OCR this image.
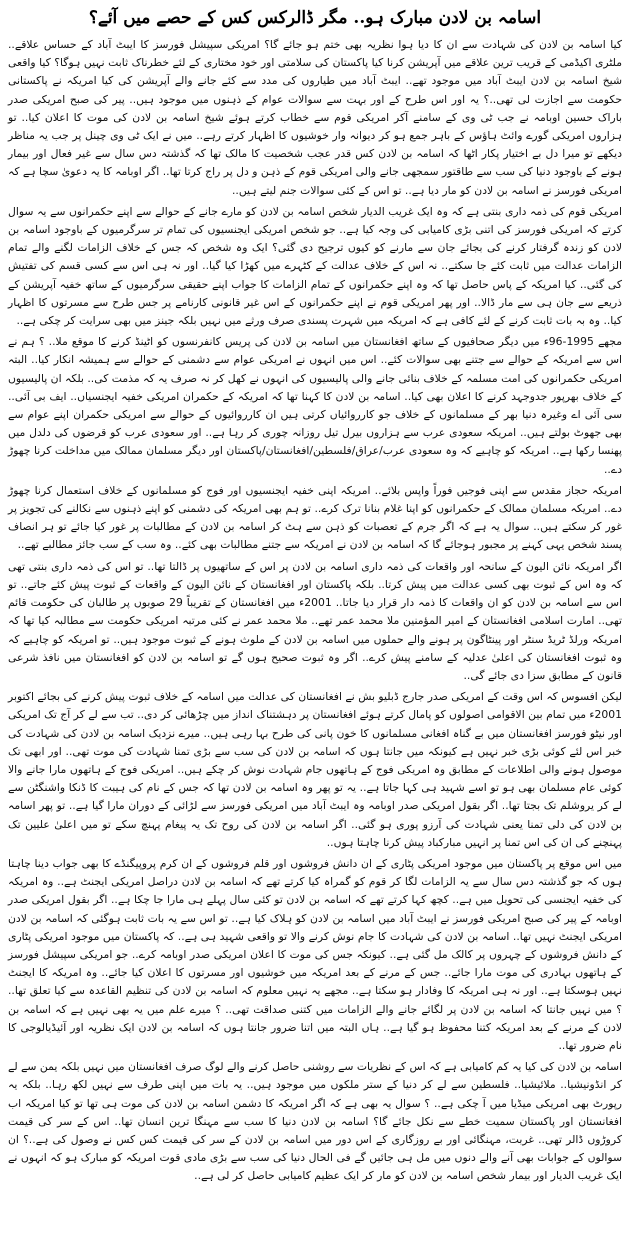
اسامہ بن لادن مبارک ہو.. مگر ڈالرکس کس کے حصے میں آئے؟

کیا اسامہ بن لادن کی شہادت سے ان کا دیا ہوا نظریہ بھی ختم ہو جائے گا؟ امریکی سپیشل فورسز کا ایبٹ آباد کے حساس علاقے.. ملٹری اکیڈمی کے قریب ترین علاقے میں آپریشن کرنا کیا پاکستان کی سلامتی اور خود مختاری کے لئے خطرناک ثابت نہیں ہوگا؟ کیا واقعی شیخ اسامہ بن لادن ایبٹ آباد میں موجود تھے.. ایبٹ آباد میں طیاروں کی مدد سے کئے جانے والے آپریشن کی کیا امریکہ نے پاکستانی حکومت سے اجازت لی تھی..؟ یہ اور اس طرح کے اور بہت سے سوالات عوام کے ذہنوں میں موجود ہیں.. پیر کی صبح امریکی صدر باراک حسین اوبامہ نے جب ٹی وی کے سامنے آکر امریکی قوم سے خطاب کرتے ہوئے شیخ اسامہ بن لادن کی موت کا اعلان کیا.. تو ہزاروں امریکی گورے وائٹ ہاؤس کے باہر جمع ہو کر دیوانہ وار خوشیوں کا اظہار کرتے رہے.. میں نے ایک ٹی وی چینل پر جب یہ مناظر دیکھے تو میرا دل بے اختیار پکار اٹھا کہ اسامہ بن لادن کس قدر عجب شخصیت کا مالک تھا کہ گذشتہ دس سال سے غیر فعال اور بیمار ہونے کے باوجود دنیا کی سب سے طاقتور سمجھی جانے والی امریکی قوم کے ذہن و دل پر راج کرتا تھا.. اگر اوبامہ کا یہ دعویٰ سچا ہے کہ امریکی فورسز نے اسامہ بن لادن کو مار دیا ہے.. تو اس کے کئی سوالات جنم لیتے ہیں..

امریکی قوم کی ذمہ داری بنتی ہے کہ وہ ایک غریب الدیار شخص اسامہ بن لادن کو مارے جانے کے حوالے سے اپنے حکمرانوں سے یہ سوال کرتے کہ امریکی فورسز کی اتنی بڑی کامیابی کی وجہ کیا ہے.. جو شخص امریکی ایجنسیوں کی تمام تر سرگرمیوں کے باوجود اسامہ بن لادن کو زندہ گرفتار کرنے کی بجائے جان سے مارنے کو کیوں ترجیح دی گئی؟ ایک وہ شخص کہ جس کے خلاف الزامات لگنے والے تمام الزامات عدالت میں ثابت کئے جا سکتے.. نہ اس کے خلاف عدالت کے کٹہرے میں کھڑا کیا گیا.. اور نہ ہی اس سے کسی قسم کی تفتیش کی گئی.. کیا امریکہ کے پاس حاصل تھا کہ وہ اپنے حکمرانوں کے تمام الزامات کا جواب اپنے حقیقی سرگرمیوں کے ساتھ خفیہ آپریشن کے ذریعے سے جان ہی سے مار ڈالا.. اور پھر امریکی قوم نے اپنے حکمرانوں کے اس غیر قانونی کارنامے پر جس طرح سے مسرتوں کا اظہار کیا.. وہ بہ بات ثابت کرنے کے لئے کافی ہے کہ امریکہ میں شہرت پسندی صرف ورثے میں نہیں بلکہ جینز میں بھی سرایت کر چکی ہے..

مجھے 1995-96ء میں دیگر صحافیوں کے ساتھ افغانستان میں اسامہ بن لادن کی پریس کانفرنسوں کو اٹینڈ کرنے کا موقع ملا.. ؟ ہم نے اس سے امریکہ کے حوالے سے جتنے بھی سوالات کئے.. اس میں انہوں نے امریکی عوام سے دشمنی کے حوالے سے ہمیشہ انکار کیا.. البتہ امریکی حکمرانوں کی امت مسلمہ کے خلاف بنائی جانے والی پالیسیوں کی انہوں نے کھل کر نہ صرف یہ کہ مذمت کی.. بلکہ ان پالیسیوں کے خلاف بھرپور جدوجہد کرنے کا اعلان بھی کیا.. اسامہ بن لادن کا کہنا تھا کہ امریکہ کے حکمران امریکی خفیہ ایجنسیاں.. ایف بی آئی.. سی آئی اے وغیرہ دنیا بھر کے مسلمانوں کے خلاف جو کارروائیاں کرتی ہیں ان کارروائیوں کے حوالے سے امریکی حکمران اپنے عوام سے بھی جھوٹ بولتے ہیں.. امریکہ سعودی عرب سے ہزاروں بیرل تیل روزانہ چوری کر رہا ہے.. اور سعودی عرب کو قرضوں کی دلدل میں پھنسا رکھا ہے.. امریکہ کو چاہیے کہ وہ سعودی عرب/عراق/فلسطین/افغانستان/پاکستان اور دیگر مسلمان ممالک میں مداخلت کرنا چھوڑ دے..

امریکہ حجاز مقدس سے اپنی فوجیں فوراً واپس بلائے.. امریکہ اپنی خفیہ ایجنسیوں اور فوج کو مسلمانوں کے خلاف استعمال کرنا چھوڑ دے.. امریکہ مسلمان ممالک کے حکمرانوں کو اپنا غلام بنانا ترک کرے.. تو ہم بھی امریکہ کی دشمنی کو اپنے ذہنوں سے نکالنے کی تجویز پر غور کر سکتے ہیں.. سوال یہ ہے کہ اگر جرم کے تعصبات کو ذہن سے ہٹ کر اسامہ بن لادن کے مطالبات پر غور کیا جائے تو ہر انصاف پسند شخص یہی کہنے پر مجبور ہوجائے گا کہ اسامہ بن لادن نے امریکہ سے جتنے مطالبات بھی کئے.. وہ سب کے سب جائز مطالبے تھے..

اگر امریکہ نائن الیون کے سانحہ اور واقعات کی ذمہ داری اسامہ بن لادن پر اس کے ساتھیوں پر ڈالتا تھا.. تو اس کی ذمہ داری بنتی تھی کہ وہ اس کے ثبوت بھی کسی عدالت میں پیش کرتا.. بلکہ پاکستان اور افغانستان کے نائن الیون کے واقعات کے ثبوت پیش کئے جاتے.. تو اس سے اسامہ بن لادن کو ان واقعات کا ذمہ دار قرار دیا جاتا.. 2001ء میں افغانستان کے تقریباً 29 صوبوں پر طالبان کی حکومت قائم تھی.. امارت اسلامی افغانستان کے امیر المؤمنین ملا محمد عمر تھے.. ملا محمد عمر نے کئی مرتبہ امریکی حکومت سے مطالبہ کیا تھا کہ امریکہ ورلڈ ٹریڈ سنٹر اور پینٹاگون پر ہونے والے حملوں میں اسامہ بن لادن کے ملوث ہونے کے ثبوت موجود ہیں.. تو امریکہ کو چاہیے کہ وہ ثبوت افغانستان کی اعلیٰ عدلیہ کے سامنے پیش کرے.. اگر وہ ثبوت صحیح ہوں گے تو اسامہ بن لادن کو افغانستان میں نافذ شرعی قانون کے مطابق سزا دی جائے گی..

لیکن افسوس کہ اس وقت کے امریکی صدر جارج ڈبلیو بش نے افغانستان کی عدالت میں اسامہ کے خلاف ثبوت پیش کرنے کی بجائے اکتوبر 2001ء میں تمام بین الاقوامی اصولوں کو پامال کرتے ہوئے افغانستان پر دہشتناک انداز میں چڑھائی کر دی.. تب سے لے کر آج تک امریکی اور نیٹو فورسز افغانستان میں بے گناہ افغانی مسلمانوں کا خون پانی کی طرح بہا رہی ہیں.. میرے نزدیک اسامہ بن لادن کی شہادت کی خبر اس لئے کوئی بڑی خبر نہیں ہے کیونکہ میں جانتا ہوں کہ اسامہ بن لادن کی سب سے بڑی تمنا شہادت کی موت تھی.. اور ابھی تک موصول ہونے والی اطلاعات کے مطابق وہ امریکی فوج کے ہاتھوں جام شہادت نوش کر چکے ہیں.. امریکی فوج کے ہاتھوں مارا جانے والا کوئی عام مسلمان بھی ہو تو اسے شہید ہی کہا جاتا ہے.. یہ تو پھر وہ اسامہ بن لادن تھا کہ جس کے نام کی ہیبت کا ڈنکا واشنگٹن سے لے کر یروشلم تک بجتا تھا.. اگر بقول امریکی صدر اوبامہ وہ ایبٹ آباد میں امریکی فورسز سے لڑائی کے دوران مارا گیا ہے.. تو پھر اسامہ بن لادن کی دلی تمنا یعنی شہادت کی آرزو پوری ہو گئی.. اگر اسامہ بن لادن کی روح تک یہ پیغام پہنچ سکے تو میں اعلیٰ علیین تک پہنچنے کی ان کی اس تمنا پر انہیں مبارکباد پیش کرنا چاہتا ہوں..

میں اس موقع پر پاکستان میں موجود امریکی پٹاری کے ان دانش فروشوں اور قلم فروشوں کے ان کرم پروپیگنڈے کا بھی جواب دینا چاہتا ہوں کہ جو گذشتہ دس سال سے یہ الزامات لگا کر قوم کو گمراہ کیا کرتے تھے کہ اسامہ بن لادن دراصل امریکی ایجنٹ ہے.. وہ امریکہ کی خفیہ ایجنسی کی تحویل میں ہے.. کچھ کہا کرتے تھے کہ اسامہ بن لادن تو کئی سال پہلے ہی مارا جا چکا ہے.. اگر بقول امریکی صدر اوبامہ کے پیر کی صبح امریکی فورسز نے ایبٹ آباد میں اسامہ بن لادن کو ہلاک کیا ہے.. تو اس سے یہ بات ثابت ہوگئی کہ اسامہ بن لادن امریکی ایجنٹ نہیں تھا.. اسامہ بن لادن کی شہادت کا جام نوش کرنے والا تو واقعی شہید ہی ہے.. کہ پاکستان میں موجود امریکی پٹاری کے دانش فروشوں کے چہروں پر کالک مل گئی ہے.. کیونکہ جس کی موت کا اعلان امریکی صدر اوبامہ کرے.. جو امریکی سپیشل فورسز کے ہاتھوں بہادری کی موت مارا جائے.. جس کے مرنے کے بعد امریکہ میں خوشیوں اور مسرتوں کا اعلان کیا جائے.. وہ امریکہ کا ایجنٹ نہیں ہوسکتا ہے.. اور نہ ہی امریکہ کا وفادار ہو سکتا ہے.. مجھے یہ نہیں معلوم کہ اسامہ بن لادن کی تنظیم القاعدہ سے کیا تعلق تھا.. ؟ میں نہیں جانتا کہ اسامہ بن لادن پر لگائے جانے والے الزامات میں کتنی صداقت تھی.. ؟ میرے علم میں یہ بھی نہیں ہے کہ اسامہ بن لادن کے مرنے کے بعد امریکہ کتنا محفوظ ہو گیا ہے.. ہاں البتہ میں اتنا ضرور جانتا ہوں کہ اسامہ بن لادن ایک نظریہ اور آئیڈیالوجی کا نام ضرور تھا..

اسامہ بن لادن کی کیا یہ کم کامیابی ہے کہ اس کے نظریات سے روشنی حاصل کرنے والے لوگ صرف افغانستان میں نہیں بلکہ یمن سے لے کر انڈونیشیا.. ملائیشیا.. فلسطین سے لے کر دنیا کے ستر ملکوں میں موجود ہیں.. یہ بات میں اپنی طرف سے نہیں لکھ رہا.. بلکہ یہ رپورٹ بھی امریکی میڈیا میں آ چکی ہے.. ؟ سوال یہ بھی ہے کہ اگر امریکہ کا دشمن اسامہ بن لادن کی موت ہی تھا تو کیا امریکہ اب افغانستان اور پاکستان سمیت خطے سے نکل جائے گا؟ اسامہ بن لادن دنیا کا سب سے مہنگا ترین انسان تھا.. اس کے سر کی قیمت کروڑوں ڈالر تھی.. غربت، مہنگائی اور بے روزگاری کے اس دور میں اسامہ بن لادن کے سر کی قیمت کس کس نے وصول کی ہے..؟ ان سوالوں کے جوابات بھی آنے والے دنوں میں مل ہی جائیں گے فی الحال دنیا کی سب سے بڑی مادی قوت امریکہ کو مبارک ہو کہ انہوں نے ایک غریب الدیار اور بیمار شخص اسامہ بن لادن کو مار کر ایک عظیم کامیابی حاصل کر لی ہے..
